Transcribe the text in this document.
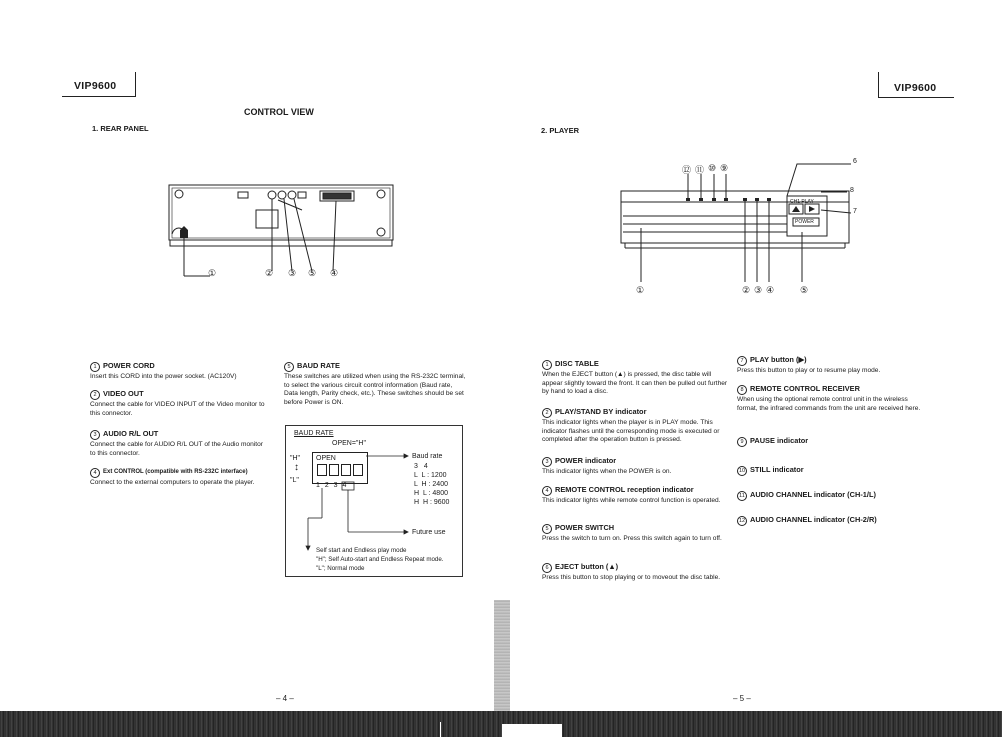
VIP9600
CONTROL VIEW
1. REAR PANEL
①	② ③ ⑤ ④
1 POWER CORD
Insert this CORD into the power socket. (AC120V)
2 VIDEO OUT
Connect the cable for VIDEO INPUT of the Video monitor to this connector.
3 AUDIO R/L OUT
Connect the cable for AUDIO R/L OUT of the Audio monitor to this connector.
4	Ext CONTROL (compatible with RS-232C interface)
Connect to the external computers to operate the player.
5 BAUD RATE
These switches are utilized when using the RS-232C terminal, to select the various circuit control information (Baud rate, Data length, Parity check, etc.). These switches should be set before Power is ON.
BAUD RATE
OPEN="H"
"H"
"L"
↕
OPEN
1 2 3 4
Baud rate
3 4
L  L : 1200
L  H : 2400
H  L : 4800
H  H : 9600
Future use
Self start and Endless play mode
"H"; Self Auto-start and Endless Repeat mode.
"L"; Normal mode
– 4 –
VIP9600
2. PLAYER
CH1 PLAY
POWER
⑫ ⑪ ⑩ ⑨
6
8
7
①	② ③ ④	⑤
1 DISC TABLE
When the EJECT button (▲) is pressed, the disc table will appear slightly toward the front. It can then be pulled out further by hand to load a disc.
2 PLAY/STAND BY indicator
This indicator lights when the player is in PLAY mode. This indicator flashes until the corresponding mode is executed or completed after the operation button is pressed.
3 POWER indicator
This indicator lights when the POWER is on.
4 REMOTE CONTROL reception indicator
This indicator lights while remote control function is operated.
5 POWER SWITCH
Press the switch to turn on. Press this switch again to turn off.
6 EJECT button (▲)
Press this button to stop playing or to moveout the disc table.
7 PLAY button (▶)
Press this button to play or to resume play mode.
8 REMOTE CONTROL RECEIVER
When using the optional remote control unit in the wireless format, the infrared commands from the unit are received here.
9 PAUSE indicator
10 STILL indicator
11 AUDIO CHANNEL indicator (CH-1/L)
12 AUDIO CHANNEL indicator (CH-2/R)
– 5 –
